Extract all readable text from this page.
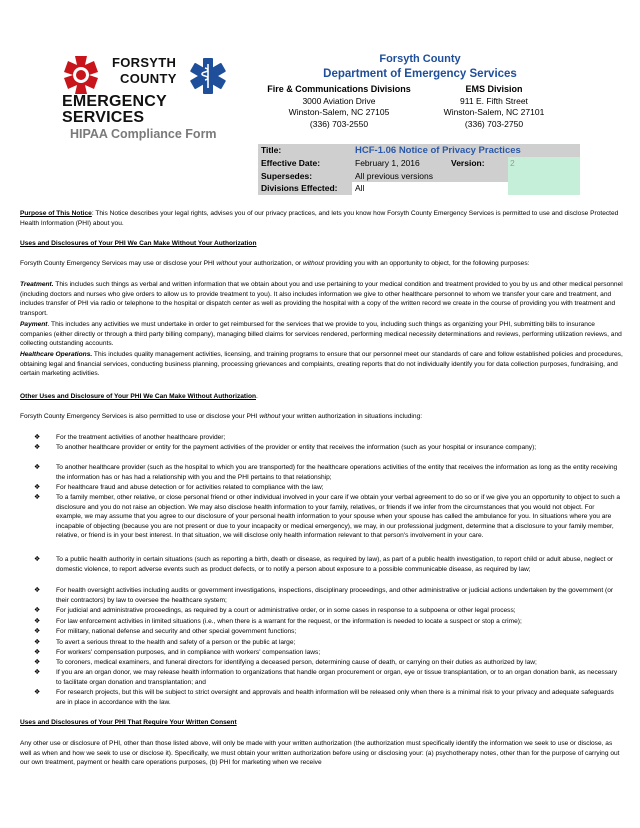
FORSYTH
COUNTY
EMERGENCY SERVICES
HIPAA Compliance Form
Forsyth County
Department of Emergency Services
Fire & Communications Divisions
3000 Aviation Drive
Winston-Salem, NC 27105
(336) 703-2550
EMS Division
911 E. Fifth Street
Winston-Salem, NC 27101
(336) 703-2750
Title:	HCF-1.06 Notice of Privacy Practices
Effective Date:	February 1, 2016	Version:	2
Supersedes:	All previous versions
Divisions Effected:	All
Purpose of This Notice: This Notice describes your legal rights, advises you of our privacy practices, and lets you know how Forsyth County Emergency Services is permitted to use and disclose Protected Health Information (PHI) about you.
Uses and Disclosures of Your PHI We Can Make Without Your Authorization
Forsyth County Emergency Services may use or disclose your PHI without your authorization, or without providing you with an opportunity to object, for the following purposes:
Treatment. This includes such things as verbal and written information that we obtain about you and use pertaining to your medical condition and treatment provided to you by us and other medical personnel (including doctors and nurses who give orders to allow us to provide treatment to you). It also includes information we give to other healthcare personnel to whom we transfer your care and treatment, and includes transfer of PHI via radio or telephone to the hospital or dispatch center as well as providing the hospital with a copy of the written record we create in the course of providing you with treatment and transport.
Payment. This includes any activities we must undertake in order to get reimbursed for the services that we provide to you, including such things as organizing your PHI, submitting bills to insurance companies (either directly or through a third party billing company), managing billed claims for services rendered, performing medical necessity determinations and reviews, performing utilization reviews, and collecting outstanding accounts.
Healthcare Operations. This includes quality management activities, licensing, and training programs to ensure that our personnel meet our standards of care and follow established policies and procedures, obtaining legal and financial services, conducting business planning, processing grievances and complaints, creating reports that do not individually identify you for data collection purposes, fundraising, and certain marketing activities.
Other Uses and Disclosure of Your PHI We Can Make Without Authorization.
Forsyth County Emergency Services is also permitted to use or disclose your PHI without your written authorization in situations including:
❖ For the treatment activities of another healthcare provider;
❖ To another healthcare provider or entity for the payment activities of the provider or entity that receives the information (such as your hospital or insurance company);
❖ To another healthcare provider (such as the hospital to which you are transported) for the healthcare operations activities of the entity that receives the information as long as the entity receiving the information has or has had a relationship with you and the PHI pertains to that relationship;
❖ For healthcare fraud and abuse detection or for activities related to compliance with the law;
❖ To a family member, other relative, or close personal friend or other individual involved in your care if we obtain your verbal agreement to do so or if we give you an opportunity to object to such a disclosure and you do not raise an objection. We may also disclose health information to your family, relatives, or friends if we infer from the circumstances that you would not object. For example, we may assume that you agree to our disclosure of your personal health information to your spouse when your spouse has called the ambulance for you. In situations where you are incapable of objecting (because you are not present or due to your incapacity or medical emergency), we may, in our professional judgment, determine that a disclosure to your family member, relative, or friend is in your best interest. In that situation, we will disclose only health information relevant to that person's involvement in your care.
❖ To a public health authority in certain situations (such as reporting a birth, death or disease, as required by law), as part of a public health investigation, to report child or adult abuse, neglect or domestic violence, to report adverse events such as product defects, or to notify a person about exposure to a possible communicable disease, as required by law;
❖ For health oversight activities including audits or government investigations, inspections, disciplinary proceedings, and other administrative or judicial actions undertaken by the government (or their contractors) by law to oversee the healthcare system;
❖ For judicial and administrative proceedings, as required by a court or administrative order, or in some cases in response to a subpoena or other legal process;
❖ For law enforcement activities in limited situations (i.e., when there is a warrant for the request, or the information is needed to locate a suspect or stop a crime);
❖ For military, national defense and security and other special government functions;
❖ To avert a serious threat to the health and safety of a person or the public at large;
❖ For workers' compensation purposes, and in compliance with workers' compensation laws;
❖ To coroners, medical examiners, and funeral directors for identifying a deceased person, determining cause of death, or carrying on their duties as authorized by law;
❖ If you are an organ donor, we may release health information to organizations that handle organ procurement or organ, eye or tissue transplantation, or to an organ donation bank, as necessary to facilitate organ donation and transplantation; and
❖ For research projects, but this will be subject to strict oversight and approvals and health information will be released only when there is a minimal risk to your privacy and adequate safeguards are in place in accordance with the law.
Uses and Disclosures of Your PHI That Require Your Written Consent
Any other use or disclosure of PHI, other than those listed above, will only be made with your written authorization (the authorization must specifically identify the information we seek to use or disclose, as well as when and how we seek to use or disclose it). Specifically, we must obtain your written authorization before using or disclosing your: (a) psychotherapy notes, other than for the purpose of carrying out our own treatment, payment or health care operations purposes, (b) PHI for marketing when we receive
